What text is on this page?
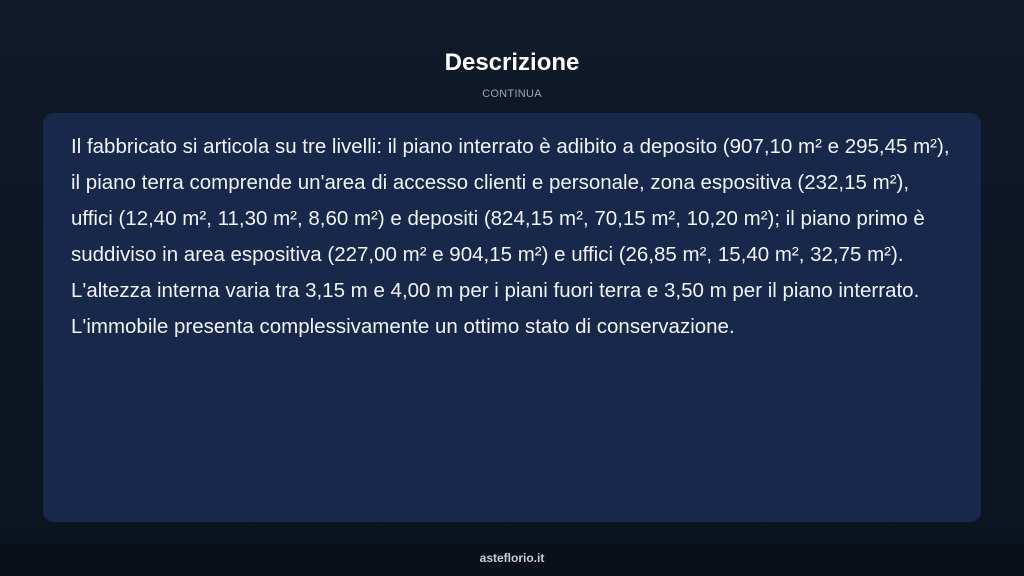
Descrizione
CONTINUA

Il fabbricato si articola su tre livelli: il piano interrato è adibito a deposito (907,10 m² e 295,45 m²), il piano terra comprende un'area di accesso clienti e personale, zona espositiva (232,15 m²), uffici (12,40 m², 11,30 m², 8,60 m²) e depositi (824,15 m², 70,15 m², 10,20 m²); il piano primo è suddiviso in area espositiva (227,00 m² e 904,15 m²) e uffici (26,85 m², 15,40 m², 32,75 m²). L'altezza interna varia tra 3,15 m e 4,00 m per i piani fuori terra e 3,50 m per il piano interrato. L'immobile presenta complessivamente un ottimo stato di conservazione.

asteflorio.it
